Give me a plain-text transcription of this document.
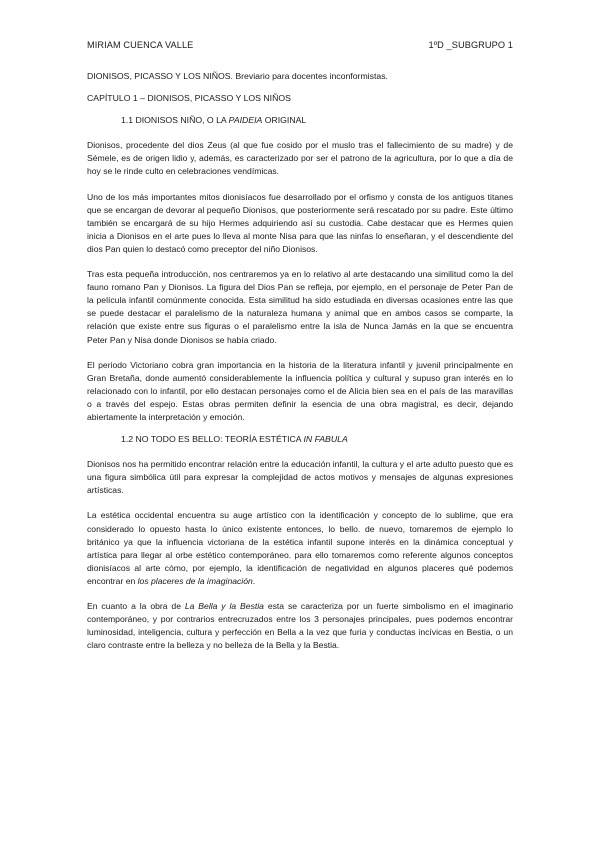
MIRIAM CUENCA VALLE	1ºD _SUBGRUPO 1

DIONISOS, PICASSO Y LOS NIÑOS. Breviario para docentes inconformistas.

CAPÍTULO 1 – DIONISOS, PICASSO Y LOS NIÑOS

1.1 DIONISOS NIÑO, O LA PAIDEIA ORIGINAL

Dionisos, procedente del dios Zeus (al que fue cosido por el muslo tras el fallecimiento de su madre) y de Sémele, es de origen lidio y, además, es caracterizado por ser el patrono de la agricultura, por lo que a día de hoy se le rinde culto en celebraciones vendímicas.

Uno de los más importantes mitos dionisíacos fue desarrollado por el orfismo y consta de los antiguos titanes que se encargan de devorar al pequeño Dionisos, que posteriormente será rescatado por su padre. Este último también se encargará de su hijo Hermes adquiriendo así su custodia. Cabe destacar que es Hermes quien inicia a Dionisos en el arte pues lo lleva al monte Nisa para que las ninfas lo enseñaran, y el descendiente del dios Pan quien lo destacó como preceptor del niño Dionisos.

Tras esta pequeña introducción, nos centraremos ya en lo relativo al arte destacando una similitud como la del fauno romano Pan y Dionisos. La figura del Dios Pan se refleja, por ejemplo, en el personaje de Peter Pan de la película infantil comúnmente conocida. Esta similitud ha sido estudiada en diversas ocasiones entre las que se puede destacar el paralelismo de la naturaleza humana y animal que en ambos casos se comparte, la relación que existe entre sus figuras o el paralelismo entre la isla de Nunca Jamás en la que se encuentra Peter Pan y Nisa donde Dionisos se había criado.

El periodo Victoriano cobra gran importancia en la historia de la literatura infantil y juvenil principalmente en Gran Bretaña, donde aumentó considerablemente la influencia política y cultural y supuso gran interés en lo relacionado con lo infantil, por ello destacan personajes como el de Alicia bien sea en el país de las maravillas o a través del espejo. Estas obras permiten definir la esencia de una obra magistral, es decir, dejando abiertamente la interpretación y emoción.

1.2 NO TODO ES BELLO: TEORÍA ESTÉTICA IN FABULA

Dionisos nos ha permitido encontrar relación entre la educación infantil, la cultura y el arte adulto puesto que es una figura simbólica útil para expresar la complejidad de actos motivos y mensajes de algunas expresiones artísticas.

La estética occidental encuentra su auge artístico con la identificación y concepto de lo sublime, que era considerado lo opuesto hasta lo único existente entonces, lo bello. de nuevo, tomaremos de ejemplo lo británico ya que la influencia victoriana de la estética infantil supone interés en la dinámica conceptual y artística para llegar al orbe estético contemporáneo. para ello tomaremos como referente algunos conceptos dionisíacos al arte cómo, por ejemplo, la identificación de negatividad en algunos placeres qué podemos encontrar en los placeres de la imaginación.

En cuanto a la obra de La Bella y la Bestia esta se caracteriza por un fuerte simbolismo en el imaginario contemporáneo, y por contrarios entrecruzados entre los 3 personajes principales, pues podemos encontrar luminosidad, inteligencia, cultura y perfección en Bella a la vez que furia y conductas incívicas en Bestia, o un claro contraste entre la belleza y no belleza de la Bella y la Bestia.
